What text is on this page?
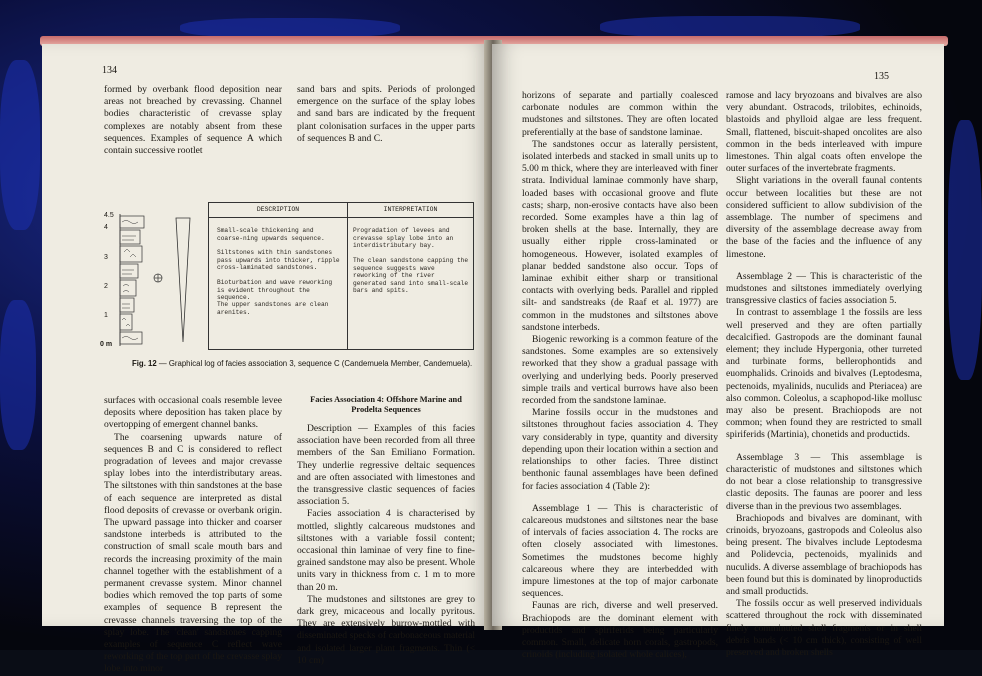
134

formed by overbank flood deposition near areas not breached by crevassing. Channel bodies characteristic of crevasse splay complexes are notably absent from these sequences. Examples of sequence A which contain successive rootlet

sand bars and spits. Periods of prolonged emergence on the surface of the splay lobes and sand bars are indicated by the frequent plant colonisation surfaces in the upper parts of sequences B and C.

4.5
4
3
2
1
0 m
DESCRIPTION	INTERPRETATION
Small-scale thickening and coarse-ning upwards sequence.
Siltstones with thin sandstones pass upwards into thicker, ripple cross-laminated sandstones.
Bioturbation and wave reworking is evident throughout the sequence.
The upper sandstones are clean arenites.
Progradation of levees and crevasse splay lobe into an interdistributary bay.
The clean sandstone capping the sequence suggests wave reworking of the river generated sand into small-scale bars and spits.
Fig. 12 — Graphical log of facies association 3, sequence C (Candemuela Member, Candemuela).

surfaces with occasional coals resemble levee deposits where deposition has taken place by overtopping of emergent channel banks.

The coarsening upwards nature of sequences B and C is considered to reflect progradation of levees and major crevasse splay lobes into the interdistributary areas. The siltstones with thin sandstones at the base of each sequence are interpreted as distal flood deposits of crevasse or overbank origin. The upward passage into thicker and coarser sandstone interbeds is attributed to the construction of small scale mouth bars and records the increasing proximity of the main channel together with the establishment of a permanent crevasse system. Minor channel bodies which removed the top parts of some examples of sequence B represent the crevasse channels traversing the top of the splay lobe. The 'clean' sandstones capping examples of sequence C reflect wave reworking of the top part of the crevasse splay lobe into minor

Facies Association 4: Offshore Marine and Prodelta Sequences

Description — Examples of this facies association have been recorded from all three members of the San Emiliano Formation. They underlie regressive deltaic sequences and are often associated with limestones and the transgressive clastic sequences of facies association 5.

Facies association 4 is characterised by mottled, slightly calcareous mudstones and siltstones with a variable fossil content; occasional thin laminae of very fine to fine-grained sandstone may also be present. Whole units vary in thickness from c. 1 m to more than 20 m.

The mudstones and siltstones are grey to dark grey, micaceous and locally pyritous. They are extensively burrow-mottled with disseminated specks of carbonaceous material and isolated larger plant fragments. Thin (< 10 cm)

135

horizons of separate and partially coalesced carbonate nodules are common within the mudstones and siltstones. They are often located preferentially at the base of sandstone laminae.

The sandstones occur as laterally persistent, isolated interbeds and stacked in small units up to 5.00 m thick, where they are interleaved with finer strata. Individual laminae commonly have sharp, loaded bases with occasional groove and flute casts; sharp, non-erosive contacts have also been recorded. Some examples have a thin lag of broken shells at the base. Internally, they are usually either ripple cross-laminated or homogeneous. However, isolated examples of planar bedded sandstone also occur. Tops of laminae exhibit either sharp or transitional contacts with overlying beds. Parallel and rippled silt- and sandstreaks (de Raaf et al. 1977) are common in the mudstones and siltstones above sandstone interbeds.

Biogenic reworking is a common feature of the sandstones. Some examples are so extensively reworked that they show a gradual passage with overlying and underlying beds. Poorly preserved simple trails and vertical burrows have also been recorded from the sandstone laminae.

Marine fossils occur in the mudstones and siltstones throughout facies association 4. They vary considerably in type, quantity and diversity depending upon their location within a section and relationships to other facies. Three distinct benthonic faunal assemblages have been defined for facies association 4 (Table 2):

Assemblage 1 — This is characteristic of calcareous mudstones and siltstones near the base of intervals of facies association 4. The rocks are often closely associated with limestones. Sometimes the mudstones become highly calcareous where they are interbedded with impure limestones at the top of major carbonate sequences.

Faunas are rich, diverse and well preserved. Brachiopods are the dominant element with productids and spiriferids being particularly common. Small, delicate horn corals, gastropods, crinoids (including isolated whole calices),

ramose and lacy bryozoans and bivalves are also very abundant. Ostracods, trilobites, echinoids, blastoids and phylloid algae are less frequent. Small, flattened, biscuit-shaped oncolites are also common in the beds interleaved with impure limestones. Thin algal coats often envelope the outer surfaces of the invertebrate fragments.

Slight variations in the overall faunal contents occur between localities but these are not considered sufficient to allow subdivision of the assemblage. The number of specimens and diversity of the assemblage decrease away from the base of the facies and the influence of any limestone.

Assemblage 2 — This is characteristic of the mudstones and siltstones immediately overlying transgressive clastics of facies association 5.

In contrast to assemblage 1 the fossils are less well preserved and they are often partially decalcified. Gastropods are the dominant faunal element; they include Hypergonia, other turreted and turbinate forms, bellerophontids and euomphalids. Crinoids and bivalves (Leptodesma, pectenoids, myalinids, nuculids and Pteriacea) are also common. Coleolus, a scaphopod-like mollusc may also be present. Brachiopods are not common; when found they are restricted to small spiriferids (Martinia), chonetids and productids.

Assemblage 3 — This assemblage is characteristic of mudstones and siltstones which do not bear a close relationship to transgressive clastic deposits. The faunas are poorer and less diverse than in the previous two assemblages.

Brachiopods and bivalves are dominant, with crinoids, bryozoans, gastropods and Coleolus also being present. The bivalves include Leptodesma and Polidevcia, pectenoids, myalinids and nuculids. A diverse assemblage of brachiopods has been found but this is dominated by linoproductids and small productids.

The fossils occur as well preserved individuals scattered throughout the rock with disseminated finely comminuted shell fragments or in shell debris bands (< 10 cm thick), consisting of well preserved and broken shells
